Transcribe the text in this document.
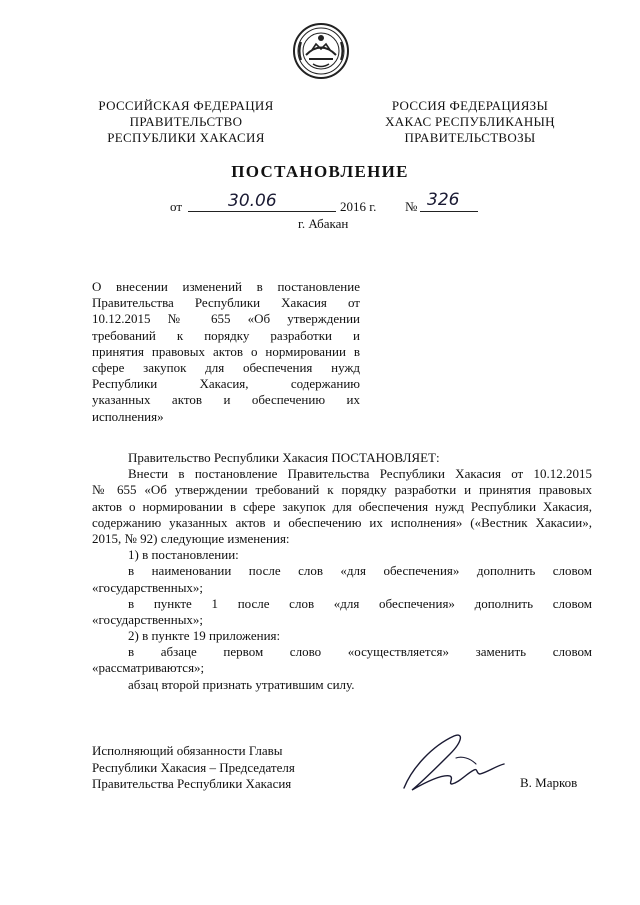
РОССИЙСКАЯ ФЕДЕРАЦИЯ
ПРАВИТЕЛЬСТВО
РЕСПУБЛИКИ ХАКАСИЯ
РОССИЯ ФЕДЕРАЦИЯЗЫ
ХАКАС РЕСПУБЛИКАНЫҢ
ПРАВИТЕЛЬСТВОЗЫ
ПОСТАНОВЛЕНИЕ
от	30.06	2016 г. № 326
г. Абакан
О внесении изменений в постановление
Правительства Республики Хакасия от
10.12.2015 № 655 «Об утверждении
требований к порядку разработки и
принятия правовых актов о нормировании в
сфере закупок для обеспечения нужд
Республики Хакасия, содержанию
указанных актов и обеспечению их
исполнения»
Правительство Республики Хакасия ПОСТАНОВЛЯЕТ:
Внести в постановление Правительства Республики Хакасия от 10.12.2015
№ 655 «Об утверждении требований к порядку разработки и принятия правовых
актов о нормировании в сфере закупок для обеспечения нужд Республики Хакасия,
содержанию указанных актов и обеспечению их исполнения» («Вестник Хакасии»,
2015, № 92) следующие изменения:
1) в постановлении:
в наименовании после слов «для обеспечения» дополнить словом
«государственных»;
в пункте 1 после слов «для обеспечения» дополнить словом
«государственных»;
2) в пункте 19 приложения:
в абзаце первом слово «осуществляется» заменить словом
«рассматриваются»;
абзац второй признать утратившим силу.
Исполняющий обязанности Главы
Республики Хакасия – Председателя
Правительства Республики Хакасия	В. Марков
